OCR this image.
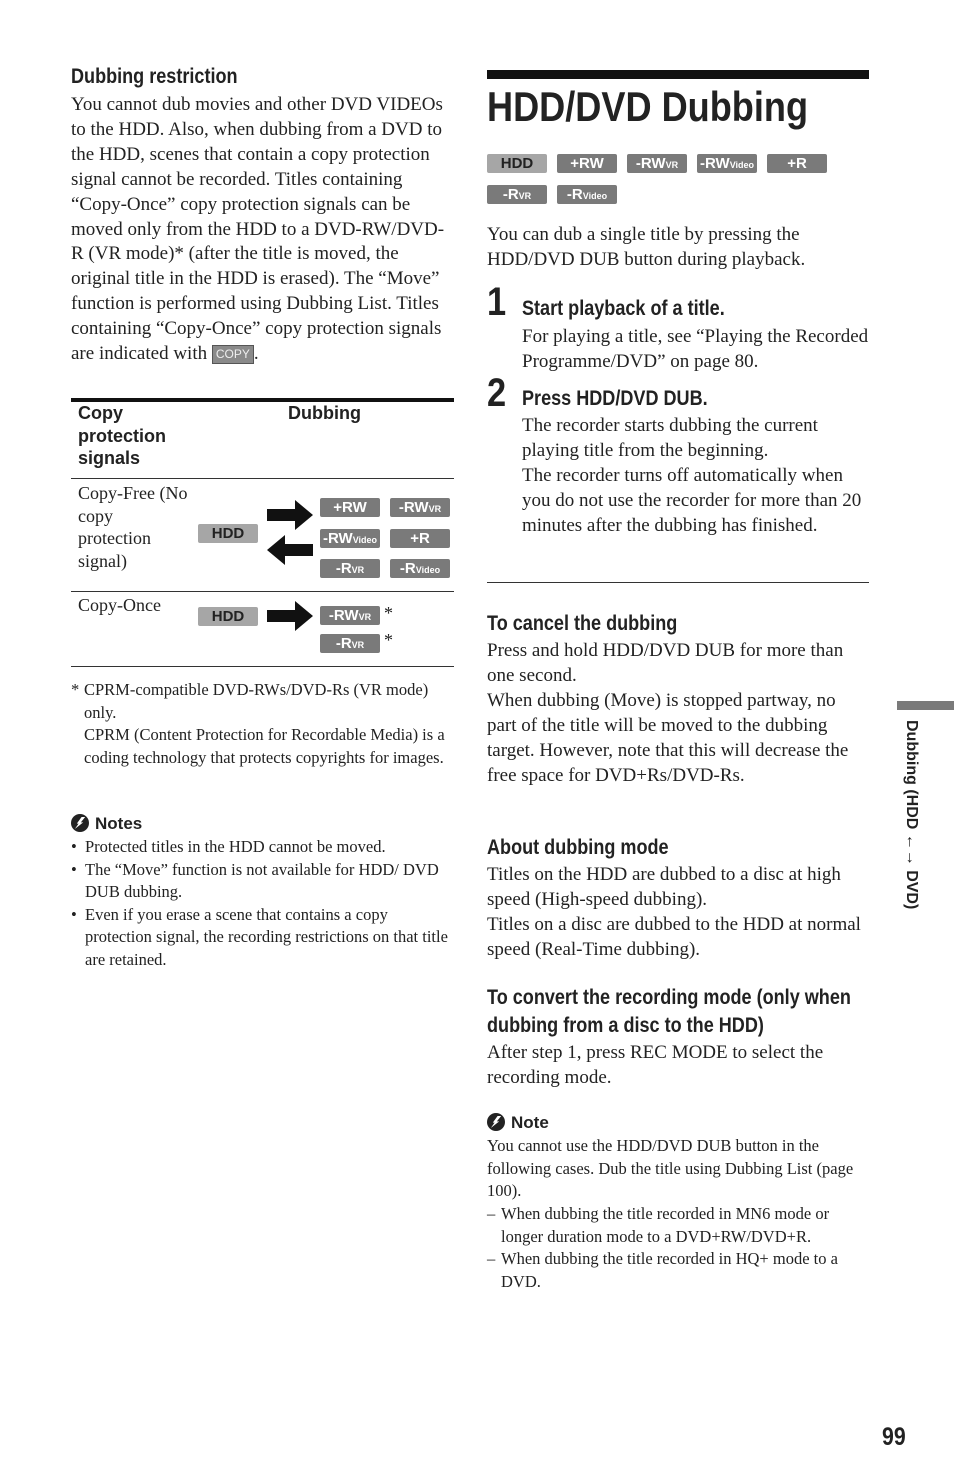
Dubbing restriction

You cannot dub movies and other DVD VIDEOs to the HDD. Also, when dubbing from a DVD to the HDD, scenes that contain a copy protection signal cannot be recorded. Titles containing “Copy-Once” copy protection signals can be moved only from the HDD to a DVD-RW/DVD-R (VR mode)* (after the title is moved, the original title in the HDD is erased). The “Move” function is performed using Dubbing List. Titles containing “Copy-Once” copy protection signals are indicated with COPY .

Copy protection signals
Dubbing
Copy-Free (No copy protection signal)
HDD
+RW	-RWVR
-RWVideo	+R
-RVR	-RVideo
Copy-Once
HDD	-RWVR *
-RVR	*
* CPRM-compatible DVD-RWs/DVD-Rs (VR mode) only.
CPRM (Content Protection for Recordable Media) is a coding technology that protects copyrights for images.
Notes
• Protected titles in the HDD cannot be moved.
• The “Move” function is not available for HDD/ DVD DUB dubbing.
• Even if you erase a scene that contains a copy protection signal, the recording restrictions on that title are retained.
HDD/DVD Dubbing
HDD	+RW	-RWVR	-RWVideo	+R
-RVR	-RVideo

You can dub a single title by pressing the HDD/DVD DUB button during playback.

1 Start playback of a title.

For playing a title, see “Playing the Recorded Programme/DVD” on page 80.

2 Press HDD/DVD DUB.

The recorder starts dubbing the current playing title from the beginning.

The recorder turns off automatically when you do not use the recorder for more than 20 minutes after the dubbing has finished.

To cancel the dubbing

Press and hold HDD/DVD DUB for more than one second.

When dubbing (Move) is stopped partway, no part of the title will be moved to the dubbing target. However, note that this will decrease the free space for DVD+Rs/DVD-Rs.

About dubbing mode

Titles on the HDD are dubbed to a disc at high speed (High-speed dubbing).

Titles on a disc are dubbed to the HDD at normal speed (Real-Time dubbing).

To convert the recording mode (only when dubbing from a disc to the HDD)

After step 1, press REC MODE to select the recording mode.

Note

You cannot use the HDD/DVD DUB button in the following cases. Dub the title using Dubbing List (page 100).

– When dubbing the title recorded in MN6 mode or longer duration mode to a DVD+RW/DVD+R.
– When dubbing the title recorded in HQ+ mode to a DVD.
Dubbing (HDD ←→ DVD)
99
